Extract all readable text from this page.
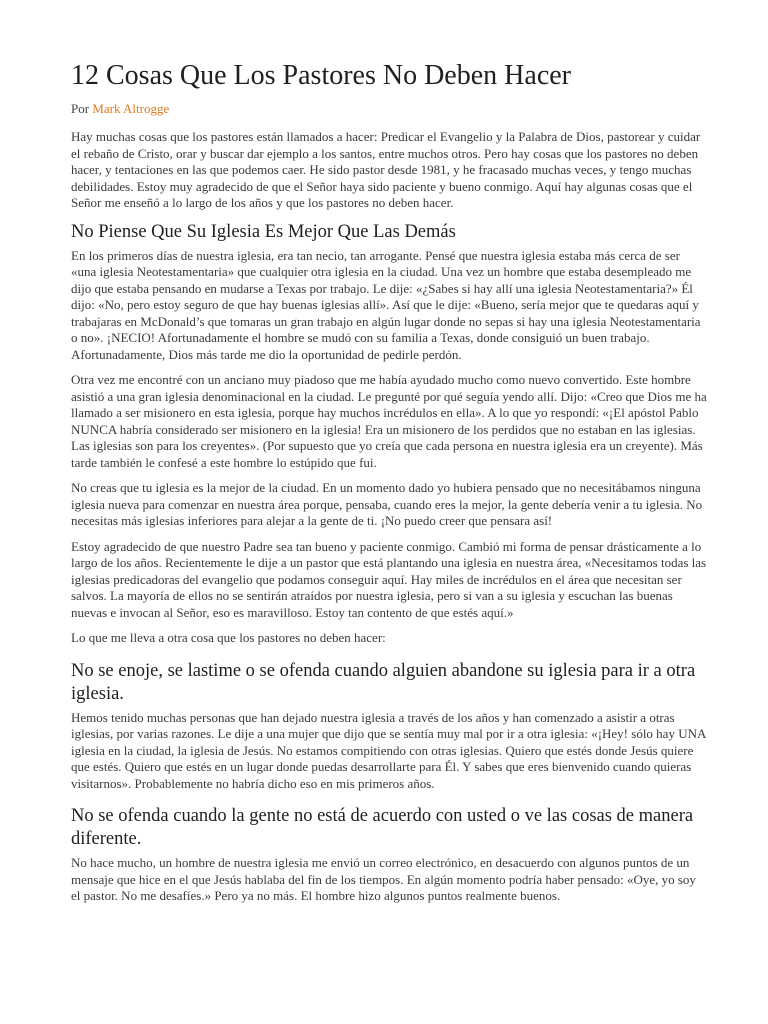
12 Cosas Que Los Pastores No Deben Hacer
Por Mark Altrogge

Hay muchas cosas que los pastores están llamados a hacer: Predicar el Evangelio y la Palabra de Dios, pastorear y cuidar el rebaño de Cristo, orar y buscar dar ejemplo a los santos, entre muchos otros. Pero hay cosas que los pastores no deben hacer, y tentaciones en las que podemos caer. He sido pastor desde 1981, y he fracasado muchas veces, y tengo muchas debilidades. Estoy muy agradecido de que el Señor haya sido paciente y bueno conmigo. Aquí hay algunas cosas que el Señor me enseñó a lo largo de los años y que los pastores no deben hacer.

No Piense Que Su Iglesia Es Mejor Que Las Demás

En los primeros días de nuestra iglesia, era tan necio, tan arrogante. Pensé que nuestra iglesia estaba más cerca de ser «una iglesia Neotestamentaria» que cualquier otra iglesia en la ciudad. Una vez un hombre que estaba desempleado me dijo que estaba pensando en mudarse a Texas por trabajo. Le dije: «¿Sabes si hay allí una iglesia Neotestamentaria?» Él dijo: «No, pero estoy seguro de que hay buenas iglesias allí». Así que le dije: «Bueno, sería mejor que te quedaras aquí y trabajaras en McDonald’s que tomaras un gran trabajo en algún lugar donde no sepas si hay una iglesia Neotestamentaria o no». ¡NECIO! Afortunadamente el hombre se mudó con su familia a Texas, donde consiguió un buen trabajo. Afortunadamente, Dios más tarde me dio la oportunidad de pedirle perdón.

Otra vez me encontré con un anciano muy piadoso que me había ayudado mucho como nuevo convertido. Este hombre asistió a una gran iglesia denominacional en la ciudad. Le pregunté por qué seguía yendo allí. Dijo: «Creo que Dios me ha llamado a ser misionero en esta iglesia, porque hay muchos incrédulos en ella». A lo que yo respondí: «¡El apóstol Pablo NUNCA habría considerado ser misionero en la iglesia! Era un misionero de los perdidos que no estaban en las iglesias. Las iglesias son para los creyentes». (Por supuesto que yo creía que cada persona en nuestra iglesia era un creyente). Más tarde también le confesé a este hombre lo estúpido que fui.

No creas que tu iglesia es la mejor de la ciudad. En un momento dado yo hubiera pensado que no necesitábamos ninguna iglesia nueva para comenzar en nuestra área porque, pensaba, cuando eres la mejor, la gente debería venir a tu iglesia. No necesitas más iglesias inferiores para alejar a la gente de ti. ¡No puedo creer que pensara así!

Estoy agradecido de que nuestro Padre sea tan bueno y paciente conmigo. Cambió mi forma de pensar drásticamente a lo largo de los años. Recientemente le dije a un pastor que está plantando una iglesia en nuestra área, «Necesitamos todas las iglesias predicadoras del evangelio que podamos conseguir aquí. Hay miles de incrédulos en el área que necesitan ser salvos. La mayoría de ellos no se sentirán atraídos por nuestra iglesia, pero si van a su iglesia y escuchan las buenas nuevas e invocan al Señor, eso es maravilloso. Estoy tan contento de que estés aquí.»

Lo que me lleva a otra cosa que los pastores no deben hacer:

No se enoje, se lastime o se ofenda cuando alguien abandone su iglesia para ir a otra iglesia.

Hemos tenido muchas personas que han dejado nuestra iglesia a través de los años y han comenzado a asistir a otras iglesias, por varias razones. Le dije a una mujer que dijo que se sentía muy mal por ir a otra iglesia: «¡Hey! sólo hay UNA iglesia en la ciudad, la iglesia de Jesús. No estamos compitiendo con otras iglesias. Quiero que estés donde Jesús quiere que estés. Quiero que estés en un lugar donde puedas desarrollarte para Él. Y sabes que eres bienvenido cuando quieras visitarnos». Probablemente no habría dicho eso en mis primeros años.

No se ofenda cuando la gente no está de acuerdo con usted o ve las cosas de manera diferente.

No hace mucho, un hombre de nuestra iglesia me envió un correo electrónico, en desacuerdo con algunos puntos de un mensaje que hice en el que Jesús hablaba del fin de los tiempos. En algún momento podría haber pensado: «Oye, yo soy el pastor. No me desafíes.» Pero ya no más. El hombre hizo algunos puntos realmente buenos.
